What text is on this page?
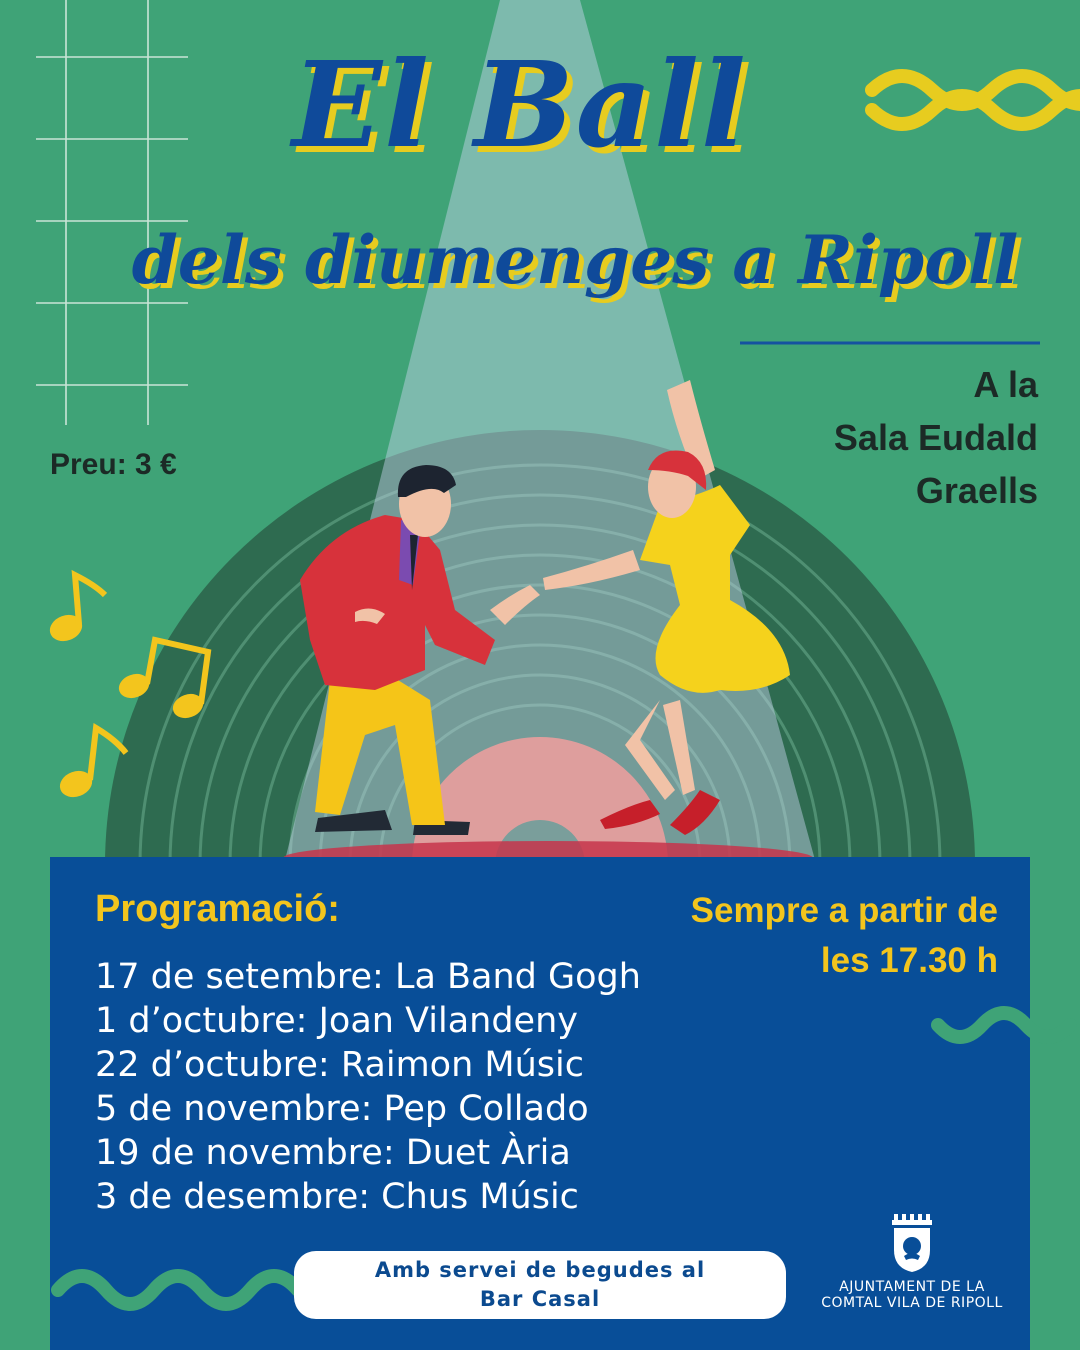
El Ball
dels diumenges a Ripoll
A la
Sala Eudald
Graells
Preu: 3 €
Programació:	Sempre a partir de
les 17.30 h
17 de setembre: La Band Gogh
1 d’octubre: Joan Vilandeny
22 d’octubre: Raimon Músic
5 de novembre: Pep Collado
19 de novembre: Duet Ària
3 de desembre: Chus Músic
Amb servei de begudes al
Bar Casal	AJUNTAMENT DE LA
COMTAL VILA DE RIPOLL
